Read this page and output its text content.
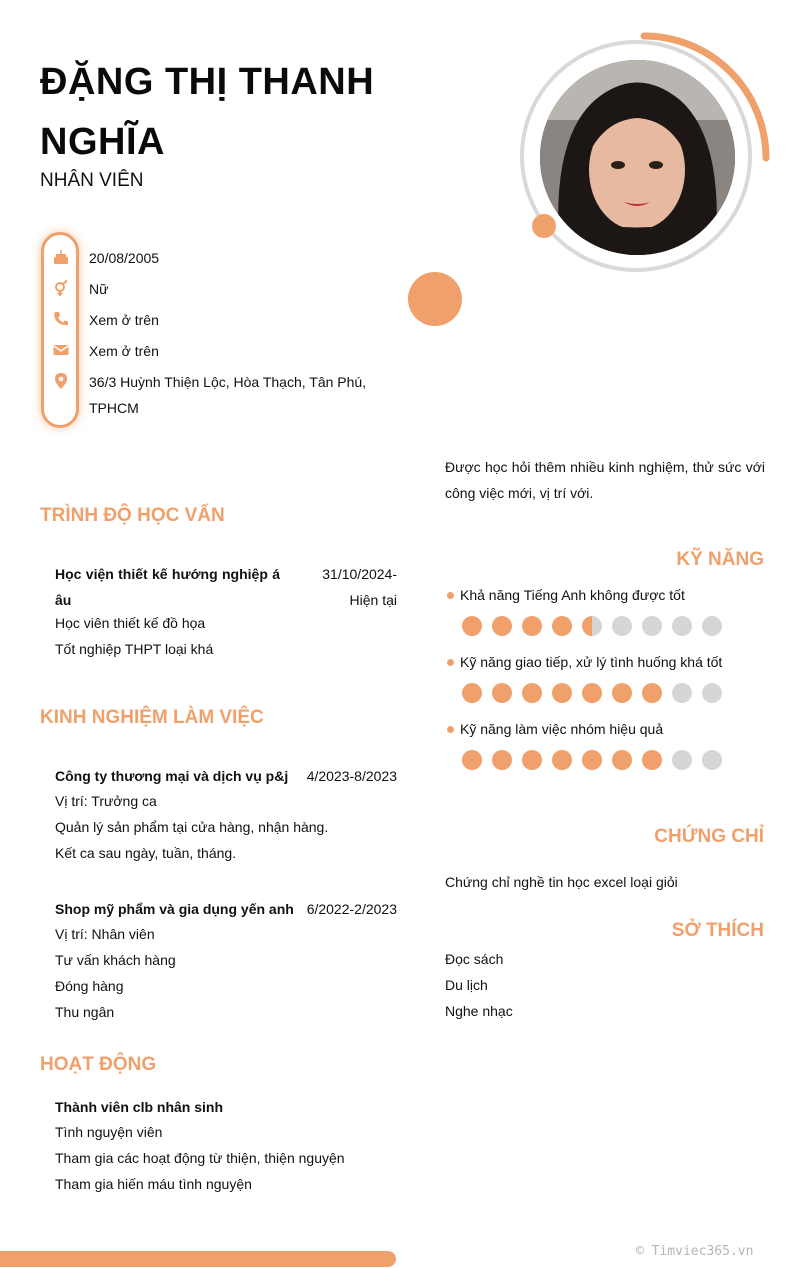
ĐẶNG THỊ THANH NGHĨA
NHÂN VIÊN
20/08/2005
Nữ
Xem ở trên
Xem ở trên
36/3 Huỳnh Thiện Lộc, Hòa Thạch, Tân Phú, TPHCM
Được học hỏi thêm nhiều kinh nghiệm, thử sức với công việc mới, vị trí với.
TRÌNH ĐỘ HỌC VẤN
Học viện thiết kế hướng nghiệp á âu
31/10/2024- Hiện tại
Học viên thiết kế đồ họa
Tốt nghiệp THPT loại khá
KINH NGHIỆM LÀM VIỆC
Công ty thương mại và dịch vụ p&j	4/2023-8/2023
Vị trí: Trưởng ca
Quản lý sản phẩm tại cửa hàng, nhận hàng.
Kết ca sau ngày, tuần, tháng.
Shop mỹ phẩm và gia dụng yến anh 6/2022-2/2023
Vị trí: Nhân viên
Tư vấn khách hàng
Đóng hàng
Thu ngân
HOẠT ĐỘNG
Thành viên clb nhân sinh
Tình nguyện viên
Tham gia các hoạt động từ thiện, thiện nguyện
Tham gia hiến máu tình nguyện
KỸ NĂNG
Khả năng Tiếng Anh không được tốt
Kỹ năng giao tiếp, xử lý tình huống khá tốt
Kỹ năng làm việc nhóm hiệu quả
CHỨNG CHỈ
Chứng chỉ nghề tin học excel loại giỏi
SỞ THÍCH
Đọc sách
Du lịch
Nghe nhạc
© Timviec365.vn
